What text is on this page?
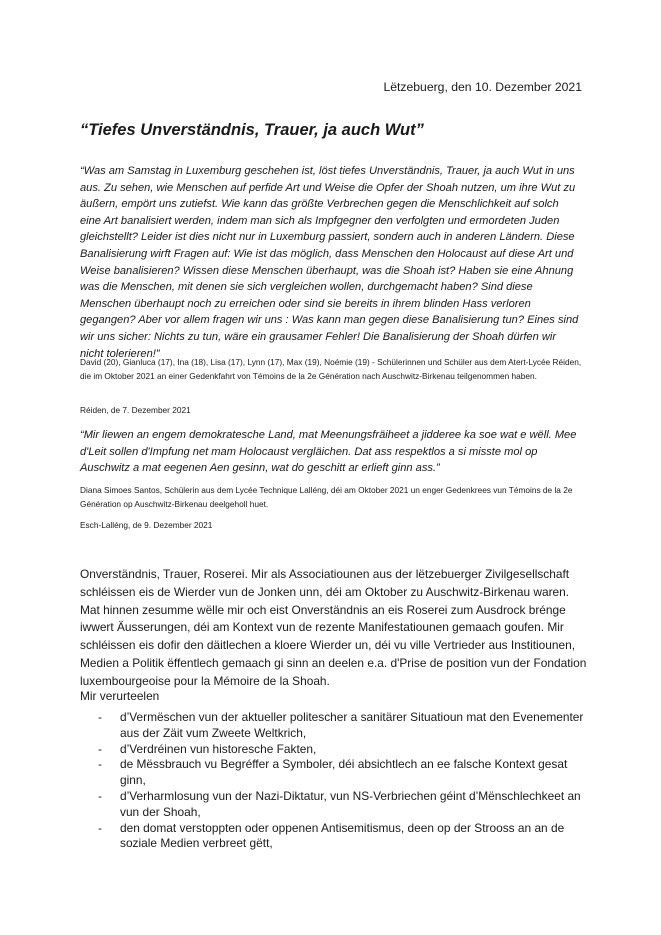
Lëtzebuerg, den 10. Dezember 2021
“Tiefes Unverständnis, Trauer, ja auch Wut”
“Was am Samstag in Luxemburg geschehen ist, löst tiefes Unverständnis, Trauer, ja auch Wut in uns aus. Zu sehen, wie Menschen auf perfide Art und Weise die Opfer der Shoah nutzen, um ihre Wut zu äußern, empört uns zutiefst. Wie kann das größte Verbrechen gegen die Menschlichkeit auf solch eine Art banalisiert werden, indem man sich als Impfgegner den verfolgten und ermordeten Juden gleichstellt? Leider ist dies nicht nur in Luxemburg passiert, sondern auch in anderen Ländern. Diese Banalisierung wirft Fragen auf: Wie ist das möglich, dass Menschen den Holocaust auf diese Art und Weise banalisieren? Wissen diese Menschen überhaupt, was die Shoah ist? Haben sie eine Ahnung was die Menschen, mit denen sie sich vergleichen wollen, durchgemacht haben? Sind diese Menschen überhaupt noch zu erreichen oder sind sie bereits in ihrem blinden Hass verloren gegangen? Aber vor allem fragen wir uns : Was kann man gegen diese Banalisierung tun? Eines sind wir uns sicher: Nichts zu tun, wäre ein grausamer Fehler! Die Banalisierung der Shoah dürfen wir nicht tolerieren!”
David (20), Gianluca (17), Ina (18), Lisa (17), Lynn (17), Max (19), Noémie (19) - Schülerinnen und Schüler aus dem Atert-Lycée Réiden, die im Oktober 2021 an einer Gedenkfahrt von Témoins de la 2e Génération nach Auschwitz-Birkenau teilgenommen haben.
Réiden, de 7. Dezember 2021
“Mir liewen an engem demokratesche Land, mat Meenungsfräiheet a jidderee ka soe wat e wëll. Mee d'Leit sollen d'Impfung net mam Holocaust vergläichen. Dat ass respektlos a si misste mol op Auschwitz a mat eegenen Aen gesinn, wat do geschitt ar erlieft ginn ass.”
Diana Simoes Santos, Schülerin aus dem Lycée Technique Lalléng, déi am Oktober 2021 un enger Gedenkrees vun Témoins de la 2e Génération op Auschwitz-Birkenau deelgeholl huet.
Esch-Lalléng, de 9. Dezember 2021
Onverständnis, Trauer, Roserei. Mir als Associatiounen aus der lëtzebuerger Zivilgesellschaft schléissen eis de Wierder vun de Jonken unn, déi am Oktober zu Auschwitz-Birkenau waren. Mat hinnen zesumme wëlle mir och eist Onverständnis an eis Roserei zum Ausdrock brénge iwwert Äusserungen, déi am Kontext vun de rezente Manifestatiounen gemaach goufen. Mir schléissen eis dofir den däitlechen a kloere Wierder un, déi vu ville Vertrieder aus Institiounen, Medien a Politik ëffentlech gemaach gi sinn an deelen e.a. d'Prise de position vun der Fondation luxembourgeoise pour la Mémoire de la Shoah.
Mir verurteelen
- d’Vermëschen vun der aktueller politescher a sanitärer Situatioun mat den Evenementer aus der Zäit vum Zweete Weltkrich,
- d’Verdréinen vun historesche Fakten,
- de Mëssbrauch vu Begréffer a Symboler, déi absichtlech an ee falsche Kontext gesat ginn,
- d’Verharmlosung vun der Nazi-Diktatur, vun NS-Verbriechen géint d’Mënschlechkeet an vun der Shoah,
- den domat verstoppten oder oppenen Antisemitismus, deen op der Strooss an an de soziale Medien verbreet gëtt,
